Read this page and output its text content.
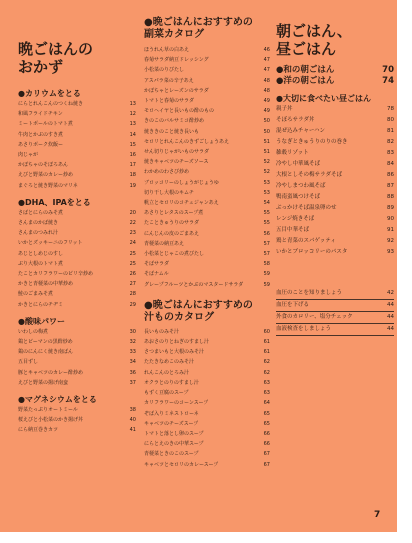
晩ごはんの
おかず
●カリウムをとる
にらとれんこんのつくね焼き	13
和風フライドチキン	12
ミートボールのトマト煮	13
牛肉とかぶのすき煮	14
あさりボーク炊飯ー	15
肉じゃが	16
かぼちゃのそぼろあん	17
えびと野菜のカレー炒め	18
まぐろと焼き野菜のマリネ	19
●DHA、IPAをとる
さばとにらのみそ煮	20
さんまのかば焼き	22
さんまのつみれ汁	23
いかとズッキーニのフリット	24
あじとしめじのすし	25
ぶり大根のトマト煮	25
たことカリフラワーのピリ辛炒め	26
かきと青梗菜の中華炒め	27
鮭のごまみそ煮	28
かきとにらのチヂミ	29
●酸味パワー
いわしの梅煮	30
鶏とピーマンの黒酢炒め	32
鶏のにんにく焼き南ばん	33
五目ずし	34
豚とキャベツのカレー酢炒め	36
えびと野菜の揚げ南蛮	37
●マグネシウムをとる
野菜たっぷりオートミール	38
桜えびと小松菜のかき揚げ丼	40
にら納豆巻きカツ	41
●晩ごはんにおすすめの
副菜カタログ
ほうれん草の白あえ	46
春菊サラダ納豆ドレッシング	47
小松菜のりびたし	47
アスパラ菜の辛子あえ	48
かぼちゃとレーズンのサラダ	48
トマトと春菊のサラダ	49
モロヘイヤと長いもの酢のもの	49
きのこのバルサミコ酢炒め	50
焼ききのこと焼き長いも	50
セロリとれんこんのきずごしょうあえ	51
せん切りじゃがいものサラダ	51
焼きキャベツのチーズソース	52
わかめのわさび炒め	52
ブロッコリーのしょうがじょうゆ	53
切り干し大根のキムチ	53
帆立とセロリのコチュジャンあえ	54
あさりとレタスのスープ煮	55
たこときゅうりのサラダ	55
にんじんの皮のごまあえ	56
青梗菜の納豆あえ	57
小松菜とじゃこの煮びたし	57
そばサラダ	58
そばナムル	59
グレープフルーツとかぶのマスタードサラダ	59
●晩ごはんにおすすめの
汁ものカタログ
長いものみそ汁	60
あおさのりとねぎのすまし汁	61
さつまいもと大根のみそ汁	61
たたきなめこのみそ汁	62
れんこんのとろみ汁	62
オクラとのりのすまし汁	63
もずく豆腐のスープ	63
カリフラワーのコーンスープ	64
ぞば入りミネストローネ	65
キャベツのチーズスープ	65
トマトと落とし卵のスープ	66
にらとえのきの中華スープ	66
青梗菜ときのこのスープ	67
キャベツとセロリのカレースープ	67
朝ごはん、
昼ごはん
●和の朝ごはん	70
●洋の朝ごはん	74
●大切に食べたい昼ごはん
親子丼	78
そぼろサラダ丼	80
混ぜ込みチャーハン	81
うなぎときゅうりのりの巻き	82
雑穀リゾット	83
冷やし中華風そば	84
大根としその梅サラダそば	86
冷やしまつわ風そば	87
鴨南蛮風つけそば	88
ぶっかけそば温泉卵のせ	89
レンジ焼きそば	90
五目中華そば	91
鶏と青菜のスパゲッティ	92
いかとブロッコリーのパスタ	93
血圧のことを知りましょう	42
血圧を下げる	44
外食のカロリー、塩分チェック	44
血液検査をしましょう	44
7
